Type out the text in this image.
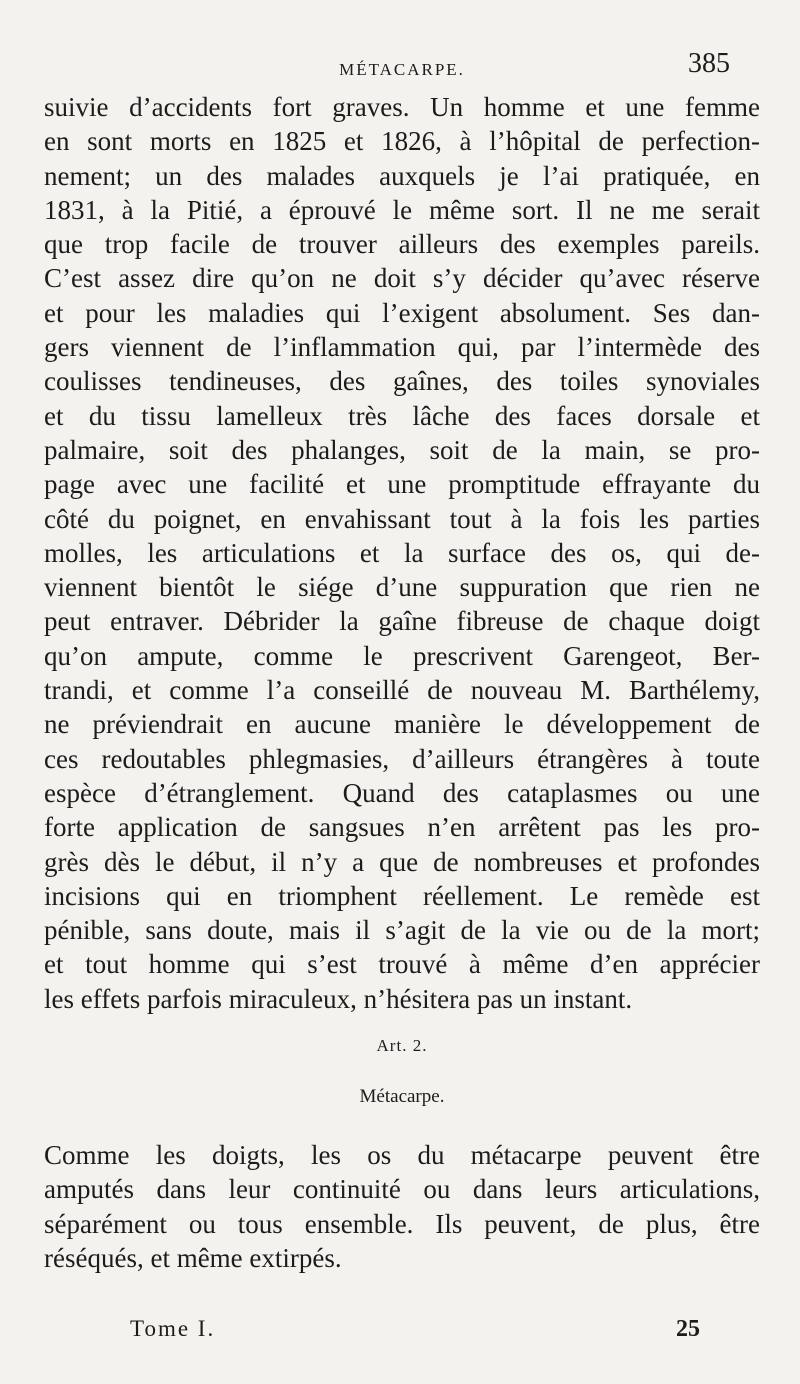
MÉTACARPE.	385
suivie d’accidents fort graves. Un homme et une femme
en sont morts en 1825 et 1826, à l’hôpital de perfection-
nement; un des malades auxquels je l’ai pratiquée, en
1831, à la Pitié, a éprouvé le même sort. Il ne me serait
que trop facile de trouver ailleurs des exemples pareils.
C’est assez dire qu’on ne doit s’y décider qu’avec réserve
et pour les maladies qui l’exigent absolument. Ses dan-
gers viennent de l’inflammation qui, par l’intermède des
coulisses tendineuses, des gaînes, des toiles synoviales
et du tissu lamelleux très lâche des faces dorsale et
palmaire, soit des phalanges, soit de la main, se pro-
page avec une facilité et une promptitude effrayante du
côté du poignet, en envahissant tout à la fois les parties
molles, les articulations et la surface des os, qui de-
viennent bientôt le siége d’une suppuration que rien ne
peut entraver. Débrider la gaîne fibreuse de chaque doigt
qu’on ampute, comme le prescrivent Garengeot, Ber-
trandi, et comme l’a conseillé de nouveau M. Barthélemy,
ne préviendrait en aucune manière le développement de
ces redoutables phlegmasies, d’ailleurs étrangères à toute
espèce d’étranglement. Quand des cataplasmes ou une
forte application de sangsues n’en arrêtent pas les pro-
grès dès le début, il n’y a que de nombreuses et profondes
incisions qui en triomphent réellement. Le remède est
pénible, sans doute, mais il s’agit de la vie ou de la mort;
et tout homme qui s’est trouvé à même d’en apprécier
les effets parfois miraculeux, n’hésitera pas un instant.
Art. 2.
Métacarpe.
Comme les doigts, les os du métacarpe peuvent être
amputés dans leur continuité ou dans leurs articulations,
séparément ou tous ensemble. Ils peuvent, de plus, être
réséqués, et même extirpés.
Tome I.	25
